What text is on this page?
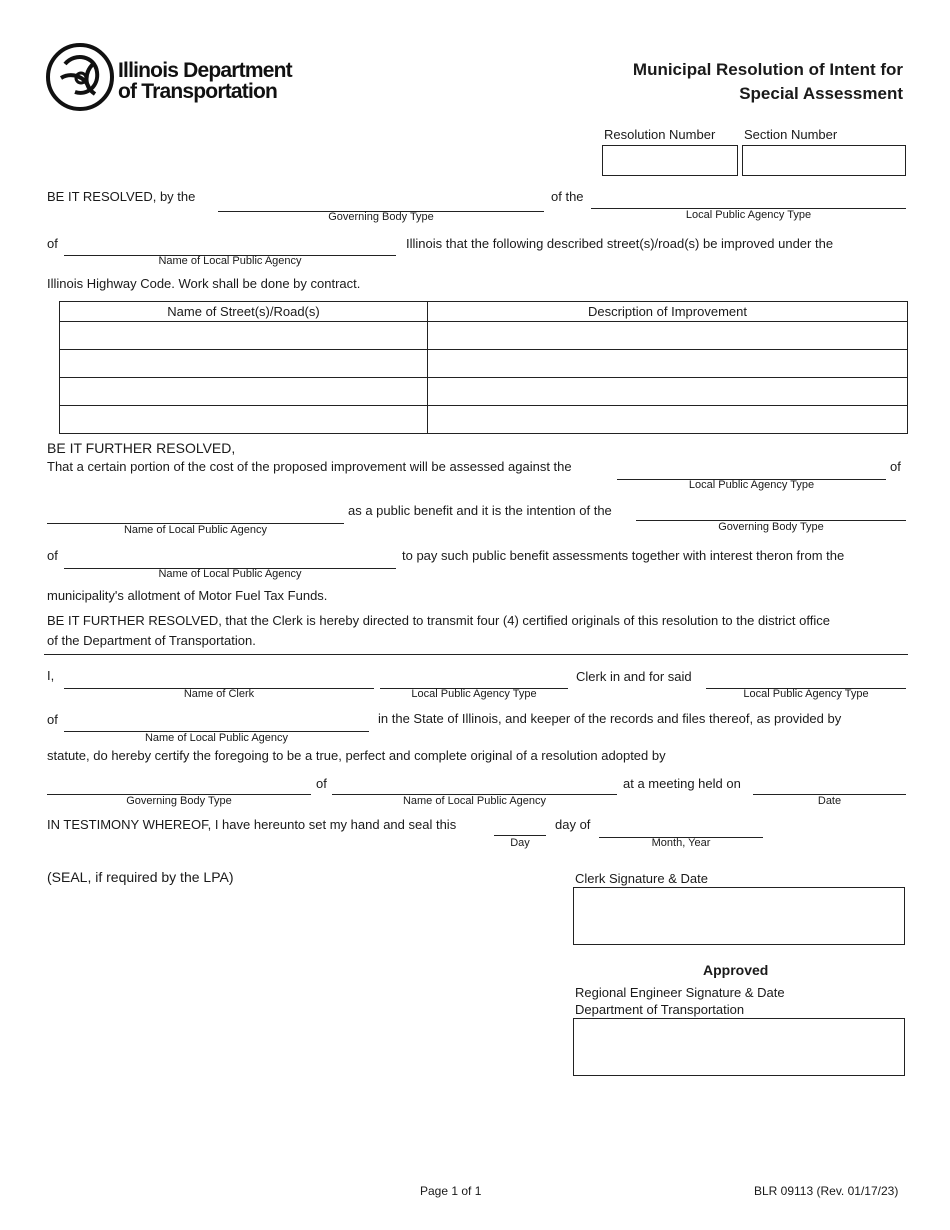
Illinois Department
of Transportation
Municipal Resolution of Intent for
Special Assessment
Resolution Number Section Number
BE IT RESOLVED, by the
Governing Body Type
of the
Local Public Agency Type
of
Name of Local Public Agency
Illinois that the following described street(s)/road(s) be improved under the
Illinois Highway Code. Work shall be done by contract.
Name of Street(s)/Road(s)	Description of Improvement

BE IT FURTHER RESOLVED,
That a certain portion of the cost of the proposed improvement will be assessed against the
Local Public Agency Type
of
Name of Local Public Agency
as a public benefit and it is the intention of the
Governing Body Type
of
Name of Local Public Agency
to pay such public benefit assessments together with interest theron from the
municipality's allotment of Motor Fuel Tax Funds.
BE IT FURTHER RESOLVED, that the Clerk is hereby directed to transmit four (4) certified originals of this resolution to the district office
of the Department of Transportation.
I,
Name of Clerk	Local Public Agency Type
Clerk in and for said
Local Public Agency Type
of
Name of Local Public Agency
in the State of Illinois, and keeper of the records and files thereof, as provided by
statute, do hereby certify the foregoing to be a true, perfect and complete original of a resolution adopted by
Governing Body Type
of
Name of Local Public Agency
at a meeting held on
Date
IN TESTIMONY WHEREOF, I have hereunto set my hand and seal this
Day
day of
Month, Year
(SEAL, if required by the LPA)	Clerk Signature & Date
Approved
Regional Engineer Signature & Date
Department of Transportation
Page 1 of 1	BLR 09113 (Rev. 01/17/23)
